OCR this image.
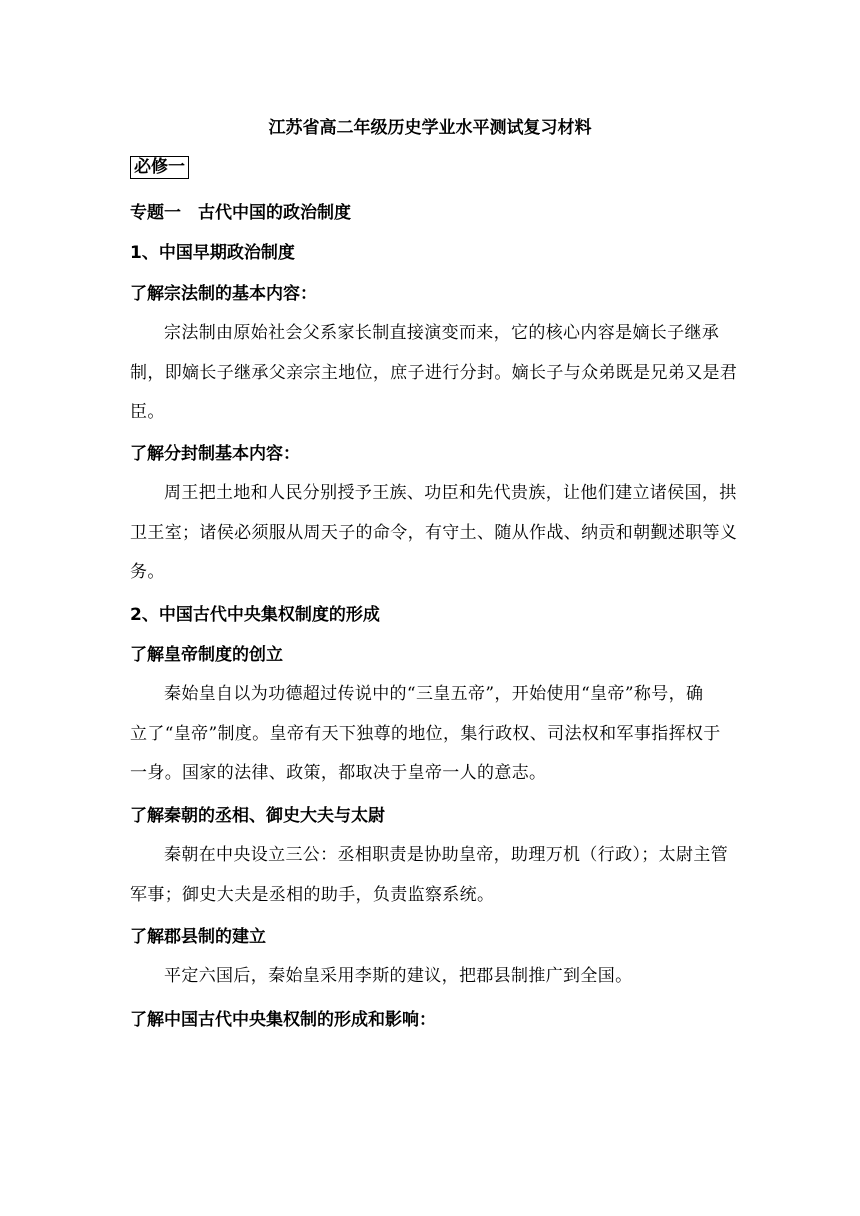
江苏省高二年级历史学业水平测试复习材料
必修一
专题一　古代中国的政治制度
1、中国早期政治制度
了解宗法制的基本内容：
宗法制由原始社会父系家长制直接演变而来，它的核心内容是嫡长子继承
制，即嫡长子继承父亲宗主地位，庶子进行分封。嫡长子与众弟既是兄弟又是君
臣。
了解分封制基本内容：
周王把土地和人民分别授予王族、功臣和先代贵族，让他们建立诸侯国，拱
卫王室；诸侯必须服从周天子的命令，有守土、随从作战、纳贡和朝觐述职等义
务。
2、中国古代中央集权制度的形成
了解皇帝制度的创立
秦始皇自以为功德超过传说中的“三皇五帝”，开始使用“皇帝”称号，确
立了“皇帝”制度。皇帝有天下独尊的地位，集行政权、司法权和军事指挥权于
一身。国家的法律、政策，都取决于皇帝一人的意志。
了解秦朝的丞相、御史大夫与太尉
秦朝在中央设立三公：丞相职责是协助皇帝，助理万机（行政）；太尉主管
军事；御史大夫是丞相的助手，负责监察系统。
了解郡县制的建立
平定六国后，秦始皇采用李斯的建议，把郡县制推广到全国。
了解中国古代中央集权制的形成和影响：
